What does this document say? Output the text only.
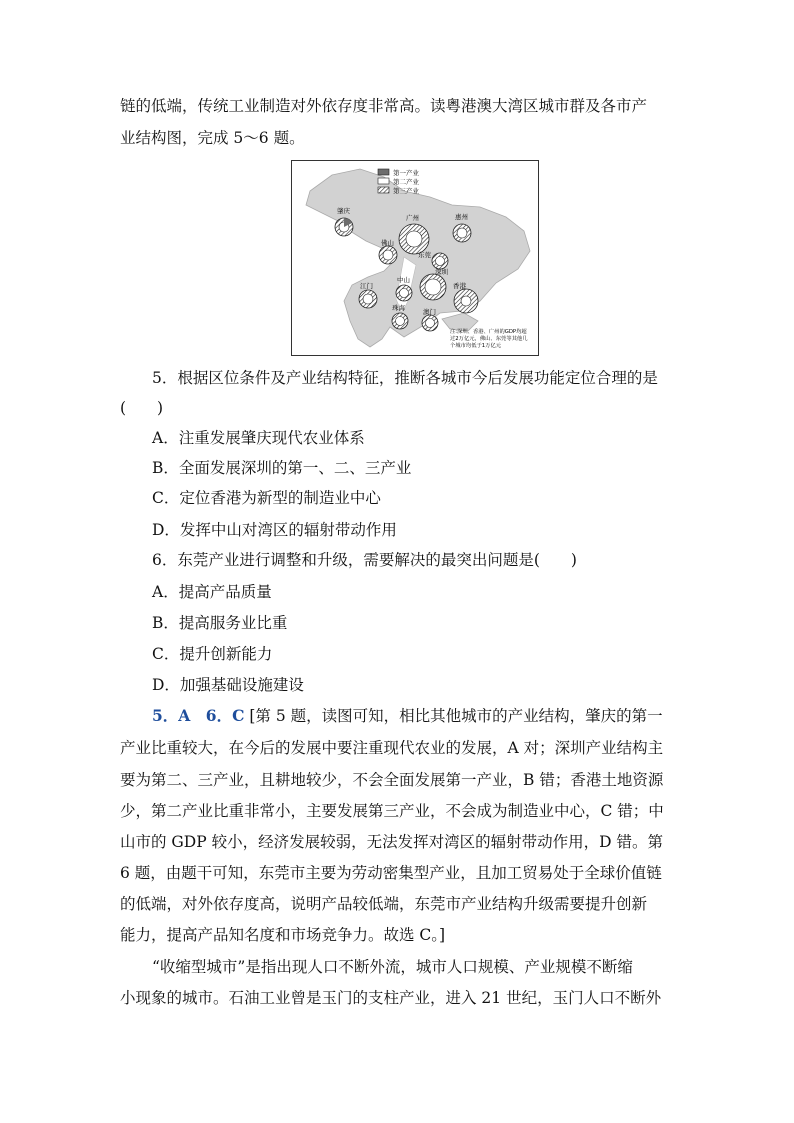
链的低端，传统工业制造对外依存度非常高。读粤港澳大湾区城市群及各市产
业结构图，完成 5～6 题。
第一产业
第二产业
第三产业
肇庆
广州	惠州
佛山
东莞
深圳
中山
江门	香港
珠海	澳门
注:深圳、香港、广州的GDP均超
过2万亿元，佛山、东莞等其他几
个城市均低于1万亿元
5．根据区位条件及产业结构特征，推断各城市今后发展功能定位合理的是
(　　)
A．注重发展肇庆现代农业体系
B．全面发展深圳的第一、二、三产业
C．定位香港为新型的制造业中心
D．发挥中山对湾区的辐射带动作用
6．东莞产业进行调整和升级，需要解决的最突出问题是(　　)
A．提高产品质量
B．提高服务业比重
C．提升创新能力
D．加强基础设施建设
5．A　6．C [第 5 题，读图可知，相比其他城市的产业结构，肇庆的第一
产业比重较大，在今后的发展中要注重现代农业的发展，A 对；深圳产业结构主
要为第二、三产业，且耕地较少，不会全面发展第一产业，B 错；香港土地资源
少，第二产业比重非常小，主要发展第三产业，不会成为制造业中心，C 错；中
山市的 GDP 较小，经济发展较弱，无法发挥对湾区的辐射带动作用，D 错。第
6 题，由题干可知，东莞市主要为劳动密集型产业，且加工贸易处于全球价值链
的低端，对外依存度高，说明产品较低端，东莞市产业结构升级需要提升创新
能力，提高产品知名度和市场竞争力。故选 C。]
“收缩型城市”是指出现人口不断外流，城市人口规模、产业规模不断缩
小现象的城市。石油工业曾是玉门的支柱产业，进入 21 世纪，玉门人口不断外
